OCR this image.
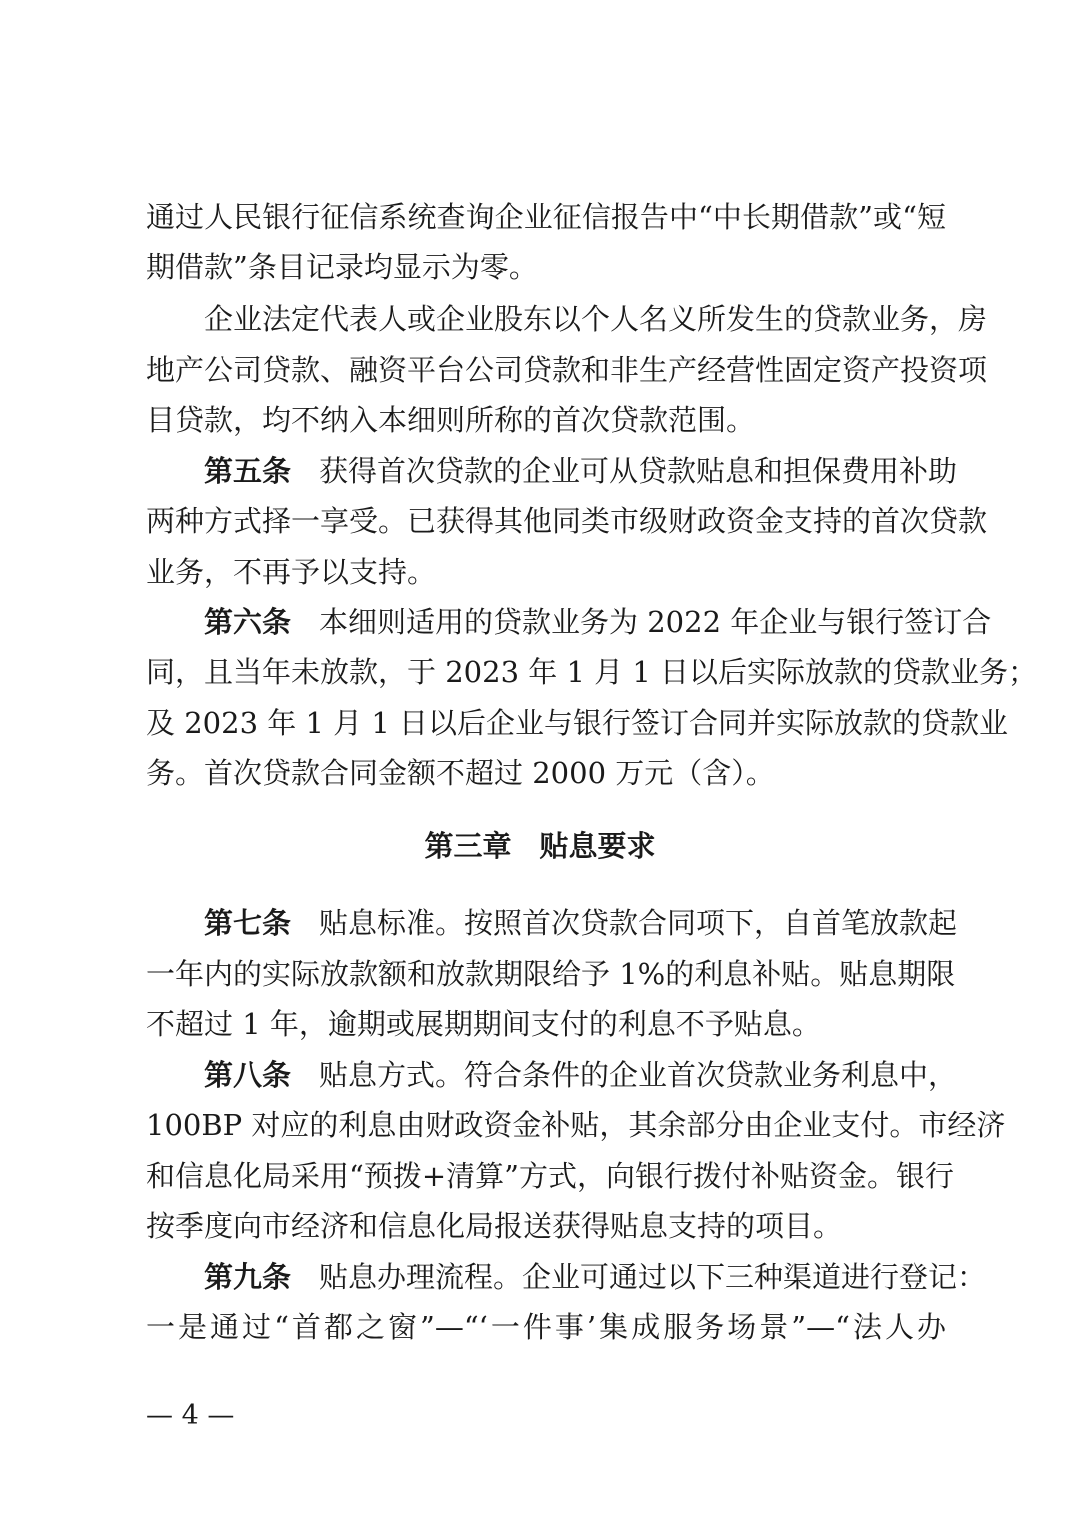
通过人民银行征信系统查询企业征信报告中“中长期借款”或“短
期借款”条目记录均显示为零。
企业法定代表人或企业股东以个人名义所发生的贷款业务，房
地产公司贷款、融资平台公司贷款和非生产经营性固定资产投资项
目贷款，均不纳入本细则所称的首次贷款范围。
第五条 获得首次贷款的企业可从贷款贴息和担保费用补助
两种方式择一享受。已获得其他同类市级财政资金支持的首次贷款
业务，不再予以支持。
第六条 本细则适用的贷款业务为 2022 年企业与银行签订合
同，且当年未放款，于 2023 年 1 月 1 日以后实际放款的贷款业务；
及 2023 年 1 月 1 日以后企业与银行签订合同并实际放款的贷款业
务。首次贷款合同金额不超过 2000 万元（含）。
第三章 贴息要求
第七条 贴息标准。按照首次贷款合同项下，自首笔放款起
一年内的实际放款额和放款期限给予 1%的利息补贴。贴息期限
不超过 1 年，逾期或展期期间支付的利息不予贴息。
第八条 贴息方式。符合条件的企业首次贷款业务利息中，
100BP 对应的利息由财政资金补贴，其余部分由企业支付。市经济
和信息化局采用“预拨+清算”方式，向银行拨付补贴资金。银行
按季度向市经济和信息化局报送获得贴息支持的项目。
第九条 贴息办理流程。企业可通过以下三种渠道进行登记：
一是通过“首都之窗”—“‘一件事’集成服务场景”—“法人办
— 4 —
